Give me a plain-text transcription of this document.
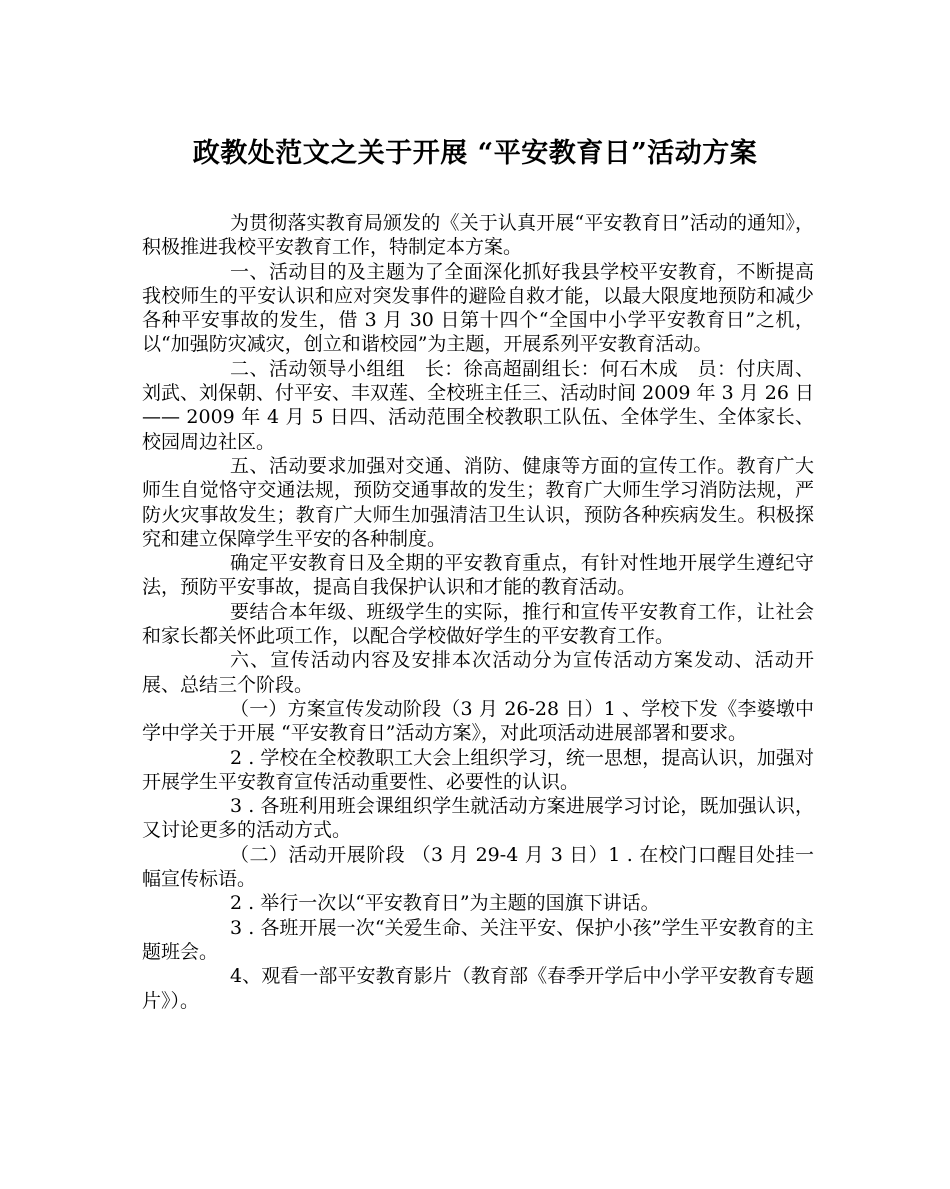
政教处范文之关于开展 “平安教育日”活动方案

为贯彻落实教育局颁发的《关于认真开展“平安教育日”活动的通知》，积极推进我校平安教育工作，特制定本方案。

一、活动目的及主题为了全面深化抓好我县学校平安教育，不断提高我校师生的平安认识和应对突发事件的避险自救才能，以最大限度地预防和减少各种平安事故的发生，借 3 月 30 日第十四个“全国中小学平安教育日”之机，以“加强防灾减灾，创立和谐校园”为主题，开展系列平安教育活动。

二、活动领导小组组　长：徐高超副组长：何石木成　员：付庆周、刘武、刘保朝、付平安、丰双莲、全校班主任三、活动时间 2009 年 3 月 26 日 —— 2009 年 4 月 5 日四、活动范围全校教职工队伍、全体学生、全体家长、校园周边社区。

五、活动要求加强对交通、消防、健康等方面的宣传工作。教育广大师生自觉恪守交通法规，预防交通事故的发生；教育广大师生学习消防法规，严防火灾事故发生；教育广大师生加强清洁卫生认识，预防各种疾病发生。积极探究和建立保障学生平安的各种制度。

确定平安教育日及全期的平安教育重点，有针对性地开展学生遵纪守法，预防平安事故，提高自我保护认识和才能的教育活动。

要结合本年级、班级学生的实际，推行和宣传平安教育工作，让社会和家长都关怀此项工作，以配合学校做好学生的平安教育工作。

六、宣传活动内容及安排本次活动分为宣传活动方案发动、活动开展、总结三个阶段。

（一）方案宣传发动阶段（3 月 26-28 日）1 、学校下发《李婆墩中学中学关于开展 “平安教育日”活动方案》，对此项活动进展部署和要求。

2 . 学校在全校教职工大会上组织学习，统一思想，提高认识，加强对开展学生平安教育宣传活动重要性、必要性的认识。

3 . 各班利用班会课组织学生就活动方案进展学习讨论，既加强认识，又讨论更多的活动方式。

（二）活动开展阶段 （3 月 29-4 月 3 日）1 . 在校门口醒目处挂一幅宣传标语。

2 . 举行一次以“平安教育日”为主题的国旗下讲话。

3 . 各班开展一次“关爱生命、关注平安、保护小孩”学生平安教育的主题班会。

4、观看一部平安教育影片（教育部《春季开学后中小学平安教育专题片》）。
